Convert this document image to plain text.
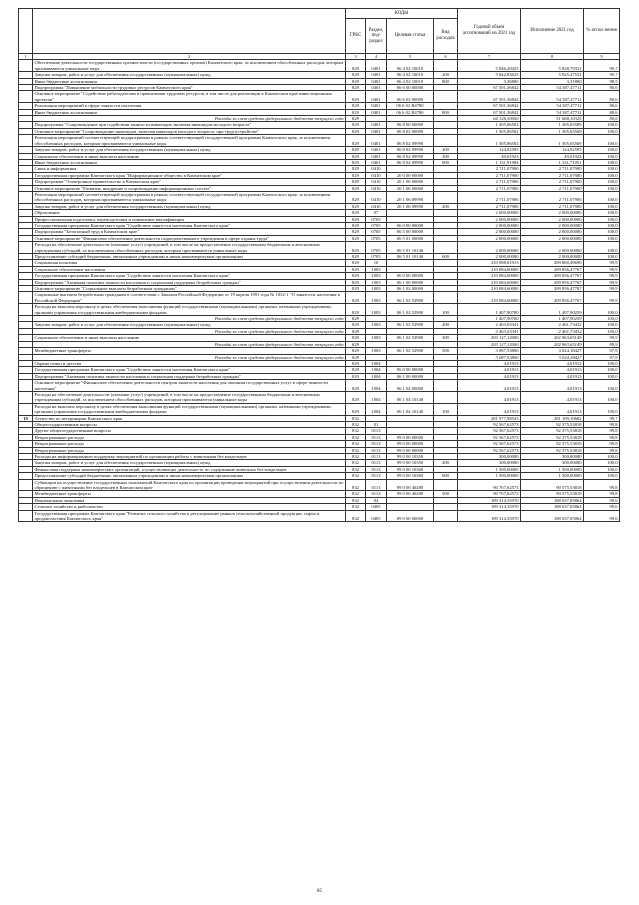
		КОДЫ				Годовой объем ассигнований на 2021 год	Исполнение 2021 год	% испол нения
		ГРБС	Раздел, под-раздел	Целевая статья	Вид расходов			
1	2	3	4	5	6	7	8	9
	Обеспечение деятельности государственных органов власти (государственных органов) Камчатского края, за исключением обособленных расходов, которым присваиваются уникальные коды	829	0401	06 4 02 10010		5 846,20425	5 828,79331	99,7
	Закупка товаров, работ и услуг для обеспечения государственных (муниципальных) нужд	829	0401	06 4 02 10010	200	5 842,83625	5 825,47531	99,7
	Иные бюджетные ассигнования	829	0401	06 4 02 10010	800	3,36800	3,31800	98,5
	Подпрограмма "Повышение мобильности трудовых ресурсов Камчатского края"	829	0401	06 6 00 00000		67 501,36842	54 387,47711	80,6
	Основное мероприятие "Содействие работодателям в привлечении трудовых ресурсов, в том числе для реализации в Камчатском крае инвестиционных проектов"	829	0401	06 6 02 00000		67 501,36842	54 387,47711	80,6
	Реализация мероприятий в сфере занятости населения	829	0401	06 6 02 R4780		67 501,36842	54 387,47711	80,6
	Иные бюджетные ассигнования	829	0401	06 6 02 R4780	800	67 501,36842	54 387,47711	80,6
	Расходы за счет средств федерального бюджета текущего года	829				64 126,30000	51 668,10325	80,6
	Подпрограмма "Сопровождение при содействии занятости инвалидов, включая инвалидов молодого возраста"	829	0401	06 8 00 00000		1 305,86502	1 305,65569	100,0
	Основное мероприятие "Сопровождение инвалидов, включая инвалидов молодого возраста, при трудоустройстве"	829	0401	06 8 02 00000		1 305,86502	1 305,65569	100,0
	Реализация мероприятий соответствующей подпрограммы в рамках соответствующей государственной программы Камчатского края, за исключением обособленных расходов, которым присваиваются уникальные коды	829	0401	06 8 02 09990		1 305,86502	1 305,65569	100,0
	Закупка товаров, работ и услуг для обеспечения государственных (муниципальных) нужд	829	0401	06 8 02 09990	200	124,92595	124,92595	100,0
	Социальное обеспечение и иные выплаты населению	829	0401	06 8 02 09990	300	49,01923	49,01923	100,0
	Иные бюджетные ассигнования	829	0401	06 8 02 09990	800	1 131,91984	1 131,71051	100,0
	Связь и информатика	829	0410			2 711,07900	2 711,07900	100,0
	Государственная программа Камчатского края "Информационное общество в Камчатском крае"	829	0410	20 0 00 00000		2 711,07900	2 711,07900	100,0
	Подпрограмма "Электронное правительство в Камчатском крае"	829	0410	20 1 00 00000		2 711,07900	2 711,07900	100,0
	Основное мероприятие "Развитие, внедрение и сопровождение информационных систем"	829	0410	20 1 06 00000		2 711,07900	2 711,07900	100,0
	Реализация мероприятий соответствующей подпрограммы в рамках соответствующей государственной программы Камчатского края, за исключением обособленных расходов, которым присваиваются уникальные коды	829	0410	20 1 06 09990		2 711,07900	2 711,07900	100,0
	Закупка товаров, работ и услуг для обеспечения государственных (муниципальных) нужд	829	0410	20 1 06 09990	200	2 711,07900	2 711,07900	100,0
	Образование	829	07			2 000,00000	2 000,00000	100,0
	Профессиональная подготовка, переподготовка и повышение квалификации	829	0705			2 000,00000	2 000,00000	100,0
	Государственная программа Камчатского края "Содействие занятости населения Камчатского края"	829	0705	06 0 00 00000		2 000,00000	2 000,00000	100,0
	Подпрограмма "Безопасный труд в Камчатском крае"	829	0705	06 5 00 00000		2 000,00000	2 000,00000	100,0
	Основное мероприятие "Финансовое обеспечение деятельности подведомственного учреждения в сфере охраны труда"	829	0705	06 5 01 00000		2 000,00000	2 000,00000	100,0
	Расходы на обеспечение деятельности (оказание услуг) учреждений, в том числе на предоставление государственным бюджетным и автономным учреждениям субсидий, за исключением обособленных расходов, которым присваиваются уникальные коды	829	0705	06 5 01 10140		2 000,00000	2 000,00000	100,0
	Предоставление субсидий бюджетным, автономным учреждениям и иным некоммерческим организациям	829	0705	06 5 01 10140	600	2 000,00000	2 000,00000	100,0
	Социальная политика	829	10			210 088,61913	209 860,49690	99,9
	Социальное обеспечение населения	829	1003			210 084,60000	209 856,47767	99,9
	Государственная программа Камчатского края "Содействие занятости населения Камчатского края"	829	1003	06 0 00 00000		210 084,60000	209 856,47767	99,9
	Подпрограмма "Активная политика занятости населения и социальная поддержка безработных граждан"	829	1003	06 1 00 00000		210 084,60000	209 856,47767	99,9
	Основное мероприятие "Социальные выплаты безработным гражданам"	829	1003	06 1 02 00000		210 084,60000	209 856,47767	99,9
	Социальные выплаты безработным гражданам в соответствии с Законом Российской Федерации от 19 апреля 1991 года № 1032-1 "О занятости населения в Российской Федерации"	829	1003	06 1 02 52900		210 084,60000	209 856,47767	99,9
	Расходы на выплаты персоналу в целях обеспечения выполнения функций государственными (муниципальными) органами, казенными учреждениями, органами управления государственными внебюджетными фондами	829	1003	06 1 02 52900	100	1 407,90700	1 407,90259	100,0
	Расходы за счет средств федерального бюджета текущего года	829				1 407,90700	1 407,90259	100,0
	Закупка товаров, работ и услуг для обеспечения государственных (муниципальных) нужд	829	1003	06 1 02 52900	200	2 463,03341	2 461,73432	100,0
	Расходы за счет средств федерального бюджета текущего года	829				2 463,03341	2 461,73432	100,0
	Социальное обеспечение и иные выплаты населению	829	1003	06 1 02 52900	300	203 127,12000	202 963,65149	99,9
	Расходы за счет средств федерального бюджета текущего года	829				203 127,12000	202 963,65149	99,9
	Межбюджетные трансферты	829	1003	06 1 02 52900	500	3 087,53800	3 024,18427	97,9
	Расходы за счет средств федерального бюджета текущего года	829				3 087,53800	3 024,18427	97,9
	Охрана семьи и детства	829	1004			4,01913	4,01913	100,0
	Государственная программа Камчатского края "Содействие занятости населения Камчатского края"	829	1004	06 0 00 00000		4,01913	4,01913	100,0
	Подпрограмма "Активная политика занятости населения и социальная поддержка безработных граждан"	829	1004	06 1 00 00000		4,01913	4,01913	100,0
	Основное мероприятие "Финансовое обеспечение деятельности центров занятости населения для оказания государственных услуг в сфере занятости населения"	829	1004	06 1 04 00000		4,01913	4,01913	100,0
	Расходы на обеспечение деятельности (оказание услуг) учреждений, в том числе на предоставление государственным бюджетным и автономным учреждениям субсидий, за исключением обособленных расходов, которым присваиваются уникальные коды	829	1004	06 1 04 10140		4,01913	4,01913	100,0
	Расходы на выплаты персоналу в целях обеспечения выполнения функций государственными (муниципальными) органами, казенными учреждениями, органами управления государственными внебюджетными фондами	829	1004	06 1 04 10140	100	4,01913	4,01913	100,0
19	Агентство по ветеринарии Камчатского края	832				281 977,98543	281 109,10682	99,7
	Общегосударственные вопросы	832	01			92 567,62573	92 375,53818	99,8
	Другие общегосударственные вопросы	832	0113			92 567,62573	92 375,53818	99,8
	Непрограммные расходы	832	0113	99 0 00 00000		92 567,62573	92 375,53818	99,8
	Непрограммные расходы	832	0113	99 0 00 00000		92 567,62573	92 375,53818	99,8
	Непрограммные расходы	832	0113	99 0 00 00000		92 567,62573	92 375,53818	99,8
	Расходы на информационную поддержку мероприятий по организации работы с животными без владельцев	832	0113	99 0 00 10350		300,00000	300,00000	100,0
	Закупка товаров, работ и услуг для обеспечения государственных (муниципальных) нужд	832	0113	99 0 00 10350	200	300,00000	300,00000	100,0
	Финансовая поддержка некоммерческих организаций, осуществляющих деятельность по содержанию животных без владельцев	832	0113	99 0 00 10360		1 500,00000	1 500,00000	100,0
	Предоставление субсидий бюджетным, автономным учреждениям и иным некоммерческим организациям	832	0113	99 0 00 10360	600	1 500,00000	1 500,00000	100,0
	Субвенции на осуществление государственных полномочий Камчатского края по организации проведения мероприятий при осуществлении деятельности по обращению с животными без владельцев в Камчатском крае	832	0113	99 0 00 40280		90 767,62573	90 575,53818	99,8
	Межбюджетные трансферты	832	0113	99 0 00 40280	500	90 767,62573	90 575,53818	99,8
	Национальная экономика	832	04			189 314,35970	188 637,05864	99,6
	Сельское хозяйство и рыболовство	832	0405			189 314,35970	188 637,05864	99,6
	Государственная программа Камчатского края "Развитие сельского хозяйства и регулирование рынков сельскохозяйственной продукции, сырья и продовольствия Камчатского края"	832	0405	09 0 00 00000		189 314,35970	188 637,05864	99,6
85
